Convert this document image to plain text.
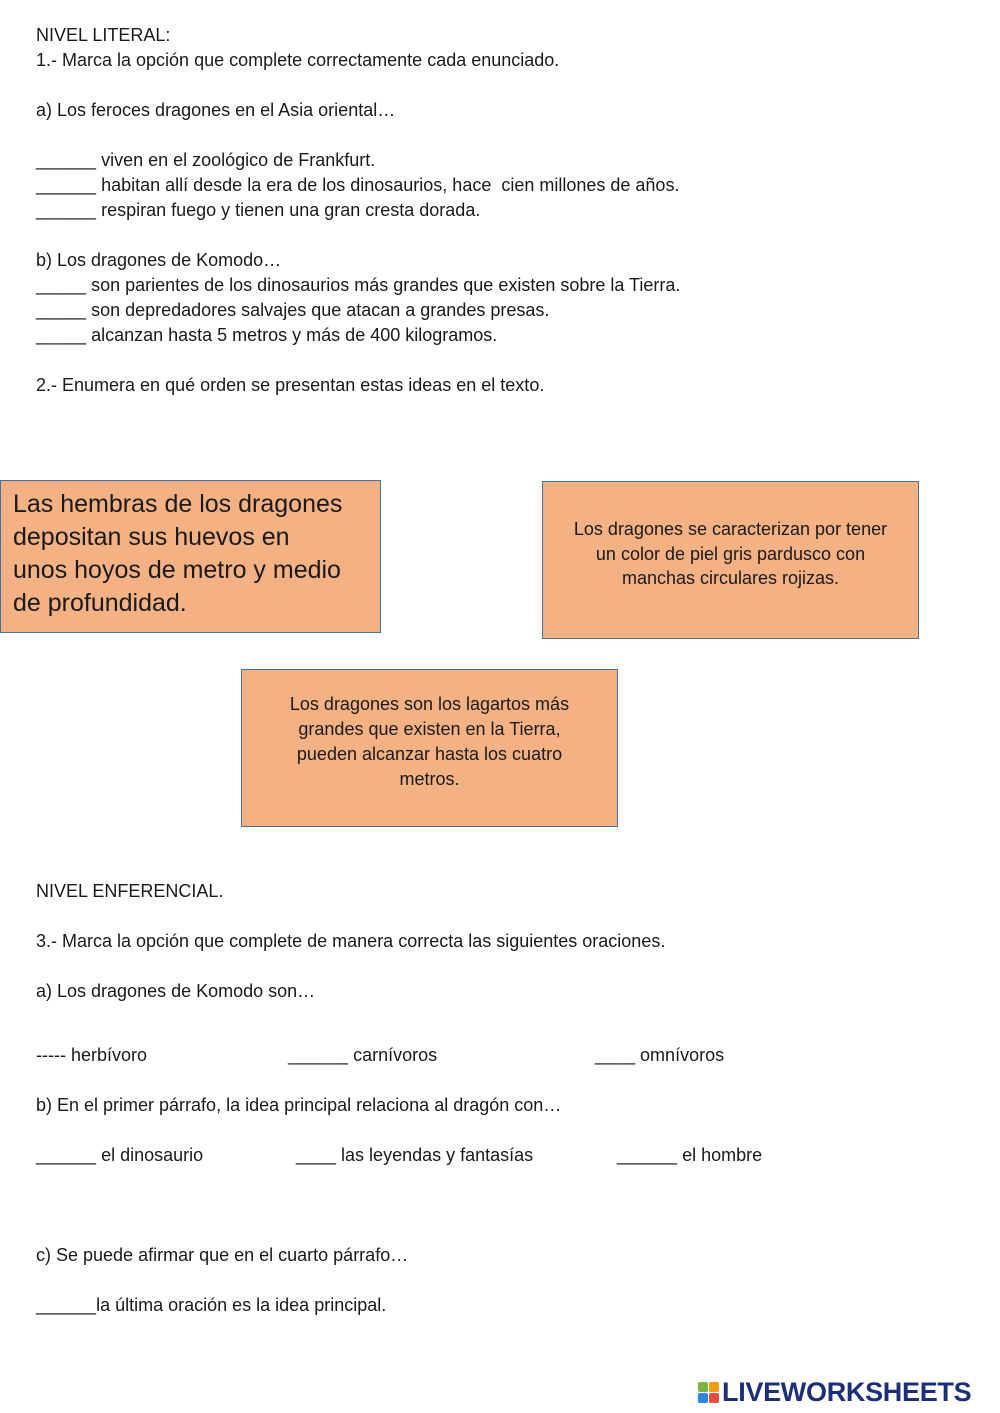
NIVEL LITERAL:
1.- Marca la opción que complete correctamente cada enunciado.
a) Los feroces dragones en el Asia oriental…
______ viven en el zoológico de Frankfurt.
______ habitan allí desde la era de los dinosaurios, hace  cien millones de años.
______ respiran fuego y tienen una gran cresta dorada.
b) Los dragones de Komodo…
_____ son parientes de los dinosaurios más grandes que existen sobre la Tierra.
_____ son depredadores salvajes que atacan a grandes presas.
_____ alcanzan hasta 5 metros y más de 400 kilogramos.
2.- Enumera en qué orden se presentan estas ideas en el texto.
Las hembras de los dragones
depositan sus huevos en
unos hoyos de metro y medio
de profundidad.
Los dragones se caracterizan por tener
un color de piel gris pardusco con
manchas circulares rojizas.
Los dragones son los lagartos más
grandes que existen en la Tierra,
pueden alcanzar hasta los cuatro
metros.
NIVEL ENFERENCIAL.
3.- Marca la opción que complete de manera correcta las siguientes oraciones.
a) Los dragones de Komodo son…

----- herbívoro

	______ carnívoros

	____ omnívoros

b) En el primer párrafo, la idea principal relaciona al dragón con…

______ el dinosaurio

	____ las leyendas y fantasías

	______ el hombre

c) Se puede afirmar que en el cuarto párrafo…
______la última oración es la idea principal.
LIVEWORKSHEETS
